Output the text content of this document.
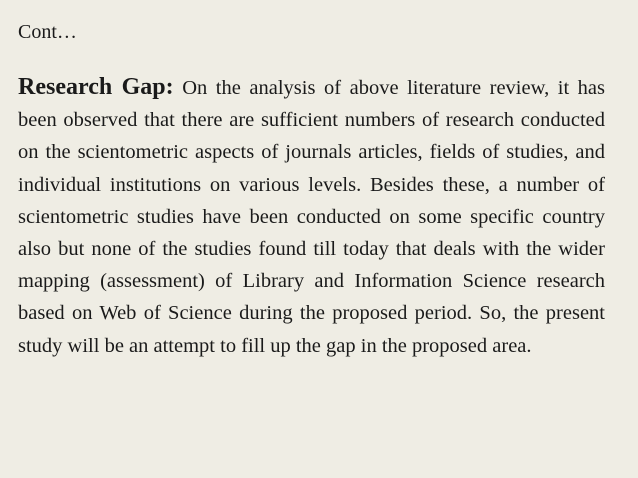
Cont…
Research Gap: On the analysis of above literature review, it has been observed that there are sufficient numbers of research conducted on the scientometric aspects of journals articles, fields of studies, and individual institutions on various levels. Besides these, a number of scientometric studies have been conducted on some specific country also but none of the studies found till today that deals with the wider mapping (assessment) of Library and Information Science research based on Web of Science during the proposed period. So, the present study will be an attempt to fill up the gap in the proposed area.
